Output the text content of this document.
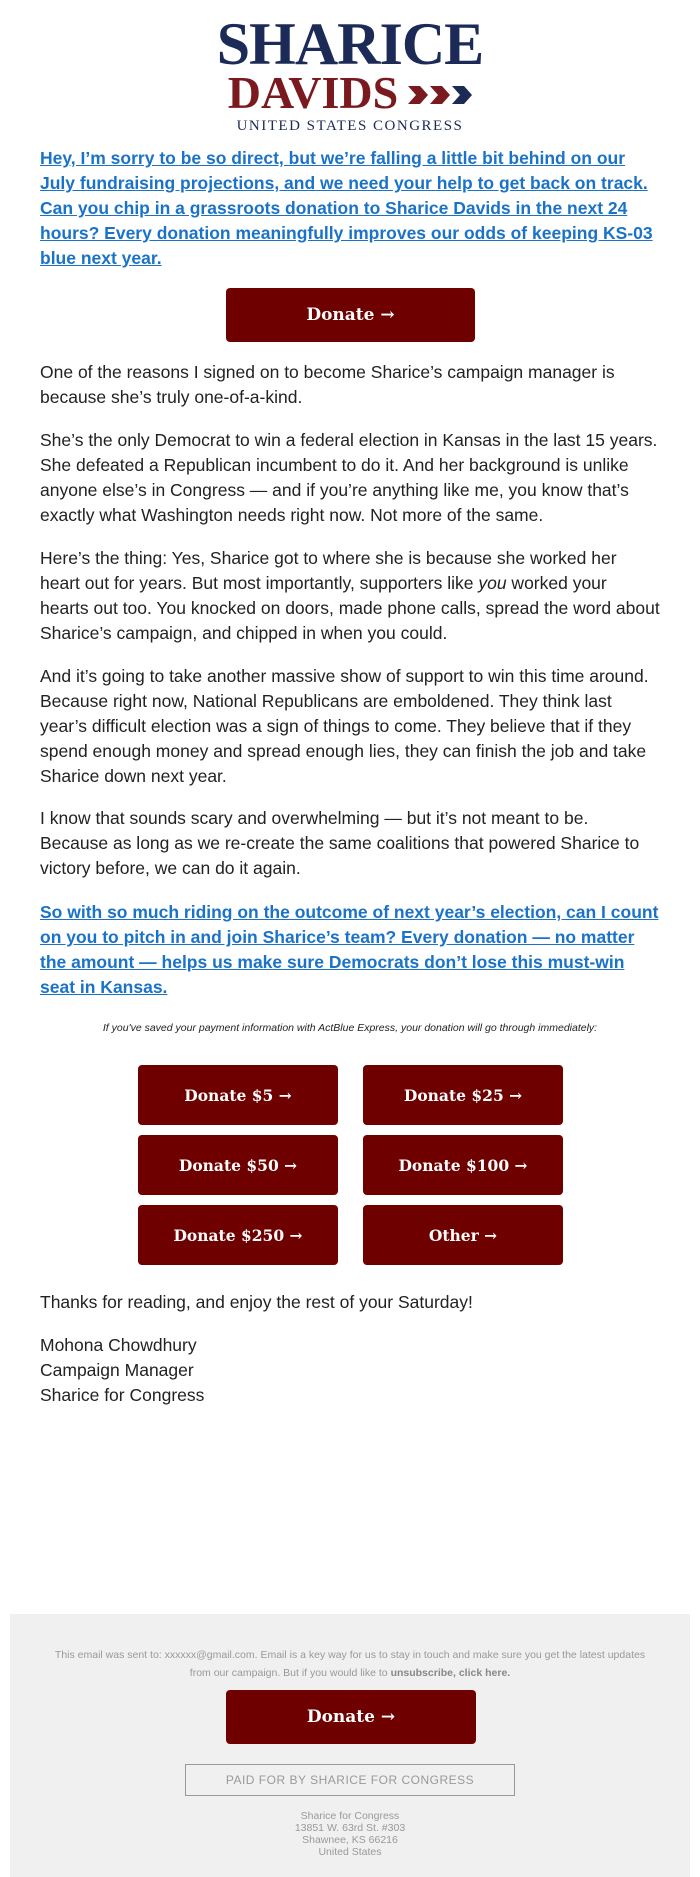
SHARICE
DAVIDS
UNITED STATES CONGRESS
Hey, I’m sorry to be so direct, but we’re falling a little bit behind on our July fundraising projections, and we need your help to get back on track. Can you chip in a grassroots donation to Sharice Davids in the next 24 hours? Every donation meaningfully improves our odds of keeping KS-03 blue next year.
Donate →
One of the reasons I signed on to become Sharice’s campaign manager is because she’s truly one-of-a-kind.
She’s the only Democrat to win a federal election in Kansas in the last 15 years. She defeated a Republican incumbent to do it. And her background is unlike anyone else’s in Congress — and if you’re anything like me, you know that’s exactly what Washington needs right now. Not more of the same.
Here’s the thing: Yes, Sharice got to where she is because she worked her heart out for years. But most importantly, supporters like you worked your hearts out too. You knocked on doors, made phone calls, spread the word about Sharice’s campaign, and chipped in when you could.
And it’s going to take another massive show of support to win this time around. Because right now, National Republicans are emboldened. They think last year’s difficult election was a sign of things to come. They believe that if they spend enough money and spread enough lies, they can finish the job and take Sharice down next year.
I know that sounds scary and overwhelming — but it’s not meant to be. Because as long as we re-create the same coalitions that powered Sharice to victory before, we can do it again.
So with so much riding on the outcome of next year’s election, can I count on you to pitch in and join Sharice’s team? Every donation — no matter the amount — helps us make sure Democrats don’t lose this must-win seat in Kansas.
If you've saved your payment information with ActBlue Express, your donation will go through immediately:
Donate $5 →	Donate $25 →
Donate $50 →	Donate $100 →
Donate $250 →	Other →
Thanks for reading, and enjoy the rest of your Saturday!
Mohona Chowdhury
Campaign Manager
Sharice for Congress
This email was sent to: xxxxxx@gmail.com. Email is a key way for us to stay in touch and make sure you get the latest updates from our campaign. But if you would like to unsubscribe, click here.
Donate →
PAID FOR BY SHARICE FOR CONGRESS
Sharice for Congress
13851 W. 63rd St. #303
Shawnee, KS 66216
United States
